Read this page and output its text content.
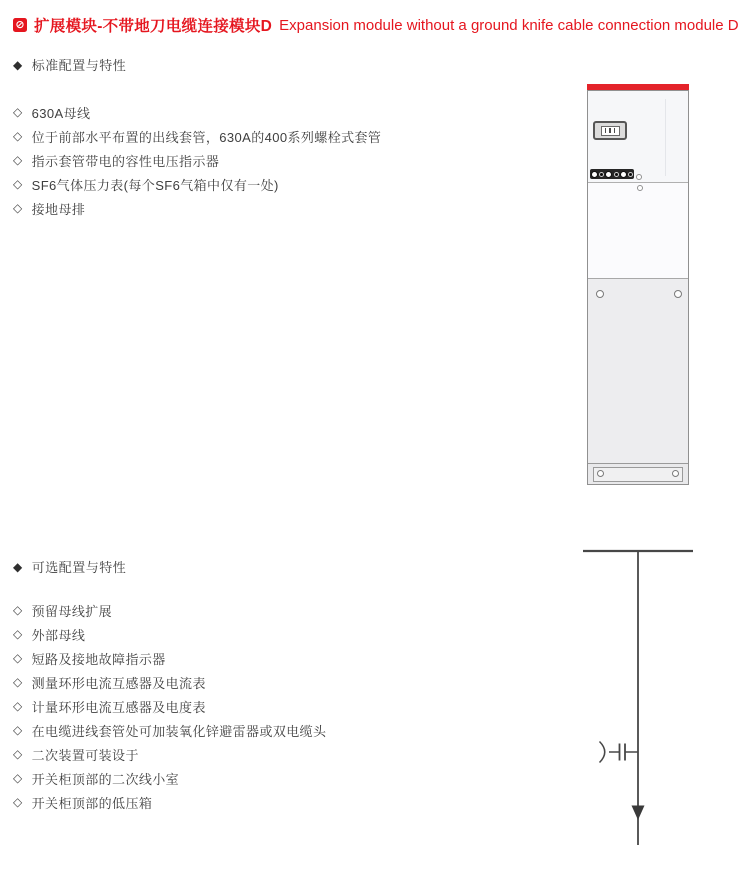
⊘ 扩展模块-不带地刀电缆连接模块D Expansion module without a ground knife cable connection module D
◆ 标准配置与特性
◇ 630A母线
◇ 位于前部水平布置的出线套管，630A的400系列螺栓式套管
◇ 指示套管带电的容性电压指示器
◇ SF6气体压力表(每个SF6气箱中仅有一处)
◇ 接地母排
◆ 可选配置与特性
◇ 预留母线扩展
◇ 外部母线
◇ 短路及接地故障指示器
◇ 测量环形电流互感器及电流表
◇ 计量环形电流互感器及电度表
◇ 在电缆进线套管处可加装氧化锌避雷器或双电缆头
◇ 二次装置可装设于
◇ 开关柜顶部的二次线小室
◇ 开关柜顶部的低压箱
